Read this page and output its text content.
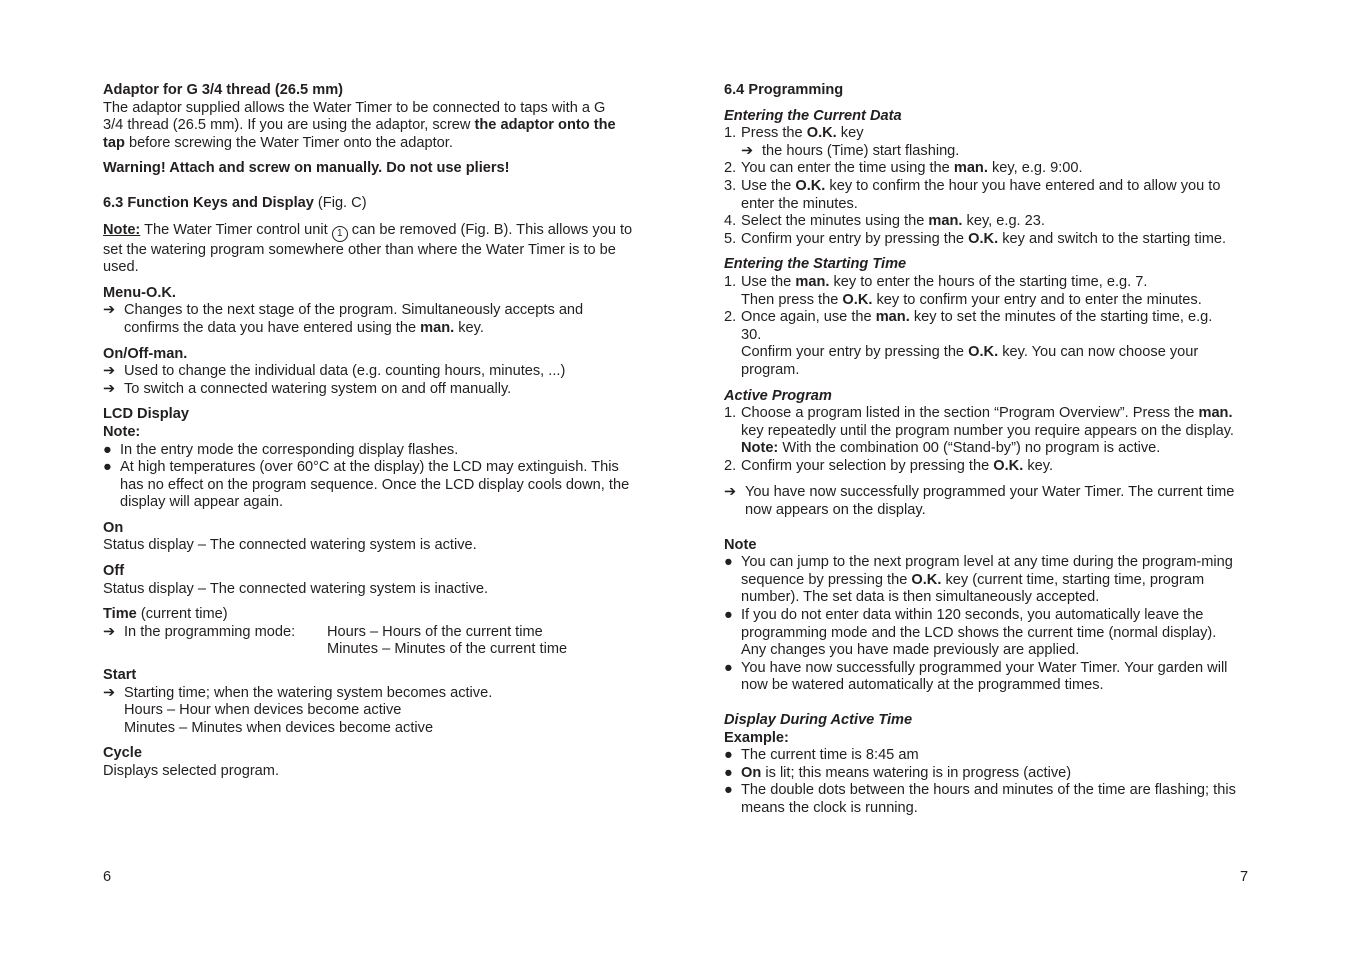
Adaptor for G 3/4 thread (26.5 mm)

The adaptor supplied allows the Water Timer to be connected to taps with a G 3/4 thread (26.5 mm). If you are using the adaptor, screw the adaptor onto the tap before screwing the Water Timer onto the adaptor.

Warning! Attach and screw on manually. Do not use pliers!

6.3 Function Keys and Display (Fig. C)

Note: The Water Timer control unit 1 can be removed (Fig. B). This allows you to set the watering program somewhere other than where the Water Timer is to be used.

Menu-O.K.

➔ Changes to the next stage of the program. Simultaneously accepts and confirms the data you have entered using the man. key.

On/Off-man.

➔ Used to change the individual data (e.g. counting hours, minutes, ...)
➔ To switch a connected watering system on and off manually.

LCD Display

Note:

● In the entry mode the corresponding display flashes.
● At high temperatures (over 60°C at the display) the LCD may extinguish. This has no effect on the program sequence. Once the LCD display cools down, the display will appear again.

On

Status display – The connected watering system is active.

Off

Status display – The connected watering system is inactive.

Time (current time)

➔ In the programming mode: Hours – Hours of the current time
Minutes – Minutes of the current time

Start

➔ Starting time; when the watering system becomes active.

Hours – Hour when devices become active

Minutes – Minutes when devices become active

Cycle

Displays selected program.

6

6.4 Programming

Entering the Current Data

1. Press the O.K. key
➔ the hours (Time) start flashing.
2. You can enter the time using the man. key, e.g. 9:00.
3. Use the O.K. key to confirm the hour you have entered and to allow you to enter the minutes.
4. Select the minutes using the man. key, e.g. 23.
5. Confirm your entry by pressing the O.K. key and switch to the starting time.

Entering the Starting Time

1. Use the man. key to enter the hours of the starting time, e.g. 7.

Then press the O.K. key to confirm your entry and to enter the minutes.

2. Once again, use the man. key to set the minutes of the starting time, e.g. 30.

Confirm your entry by pressing the O.K. key. You can now choose your program.

Active Program

1. Choose a program listed in the section “Program Overview”. Press the man. key repeatedly until the program number you require appears on the display.

Note: With the combination 00 (“Stand-by”) no program is active.

2. Confirm your selection by pressing the O.K. key.
➔ You have now successfully programmed your Water Timer. The current time now appears on the display.

Note

● You can jump to the next program level at any time during the program-ming sequence by pressing the O.K. key (current time, starting time, program number). The set data is then simultaneously accepted.
● If you do not enter data within 120 seconds, you automatically leave the programming mode and the LCD shows the current time (normal display). Any changes you have made previously are applied.
● You have now successfully programmed your Water Timer. Your garden will now be watered automatically at the programmed times.

Display During Active Time

Example:

● The current time is 8:45 am
● On is lit; this means watering is in progress (active)
● The double dots between the hours and minutes of the time are flashing; this means the clock is running.
7
